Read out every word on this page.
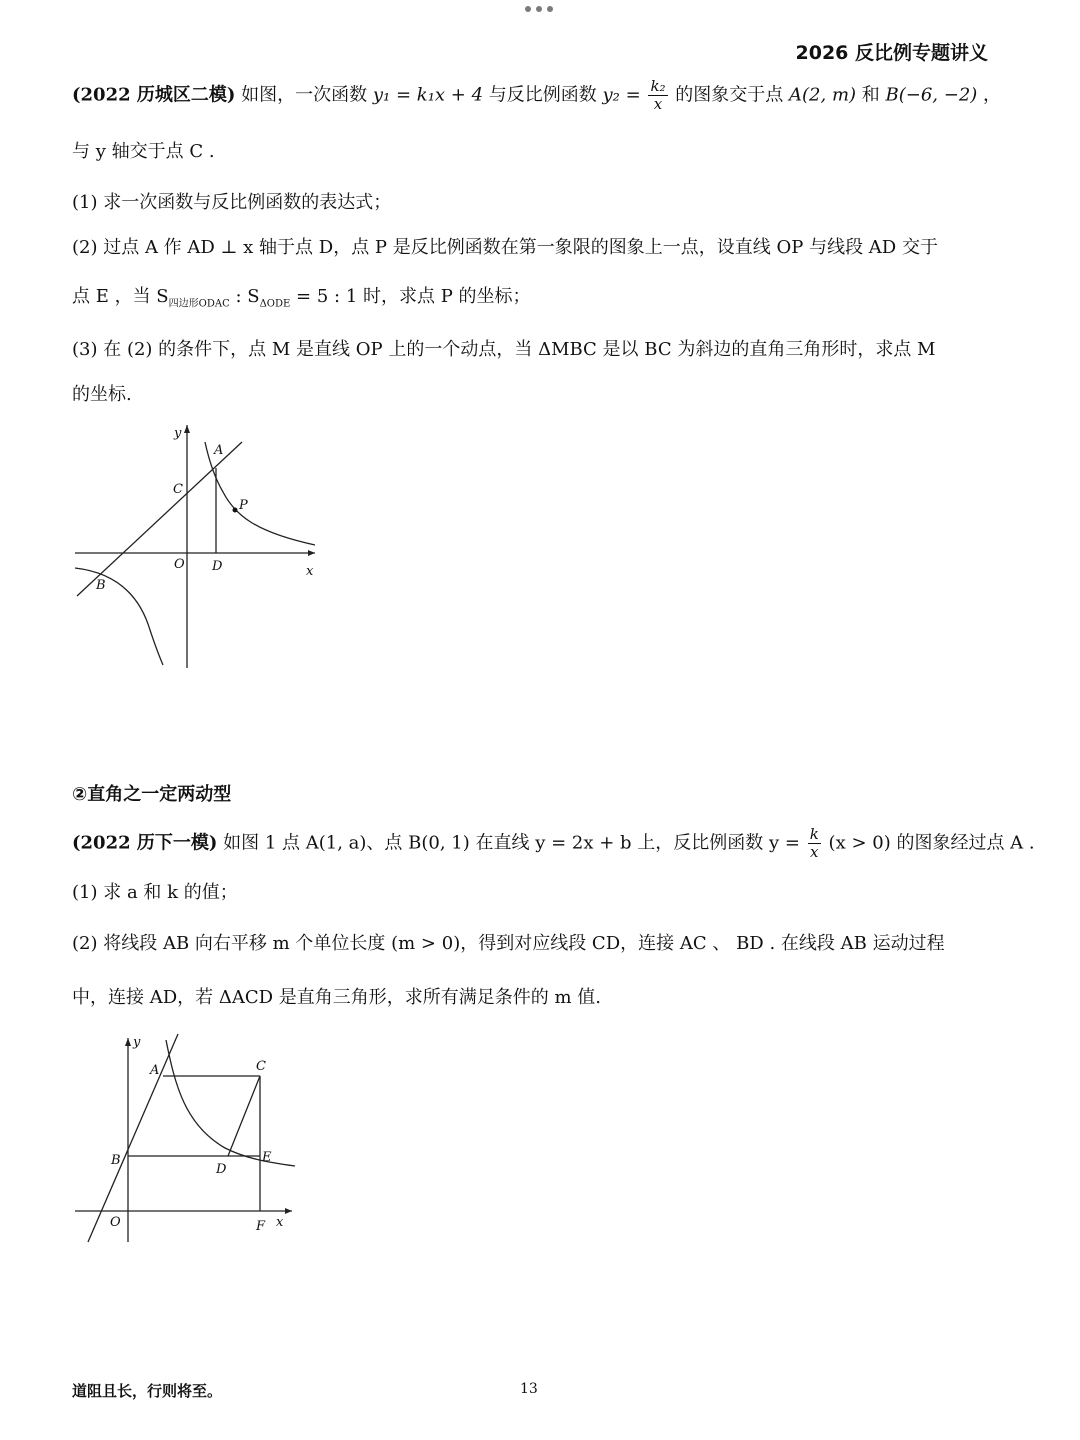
2026 反比例专题讲义
(2022 历城区二模) 如图，一次函数 y₁ = k₁x + 4 与反比例函数 $y_2 = \frac{\text{k₂}}{x}$ 的图象交于点 A(2, m) 和 B(−6, −2) ，
与 y 轴交于点 C .
(1) 求一次函数与反比例函数的表达式；
(2) 过点 A 作 AD ⊥ x 轴于点 D，点 P 是反比例函数在第一象限的图象上一点，设直线 OP 与线段 AD 交于
点 E ，当 $S_{四边形ODAC}$ : $S_{\Delta ODE} = 5$ : 1 时，求点 P 的坐标；
(3) 在 (2) 的条件下，点 M 是直线 OP 上的一个动点，当 ΔMBC 是以 BC 为斜边的直角三角形时，求点 M
的坐标.
y
x
A
C
P
O D
B
②直角之一定两动型
(2022 历下一模) 如图 1 点 A(1, a)、点 B(0, 1) 在直线 y = 2x + b 上，反比例函数 $y = \frac{k}{x} (x > 0)$ 的图象经过点 A .
(1) 求 a 和 k 的值；
(2) 将线段 AB 向右平移 m 个单位长度 (m > 0)，得到对应线段 CD，连接 AC 、 BD . 在线段 AB 运动过程
中，连接 AD，若 ΔACD 是直角三角形，求所有满足条件的 m 值.
y
x
A	C
B
D
E
O	F
道阻且长，行则将至。	13
